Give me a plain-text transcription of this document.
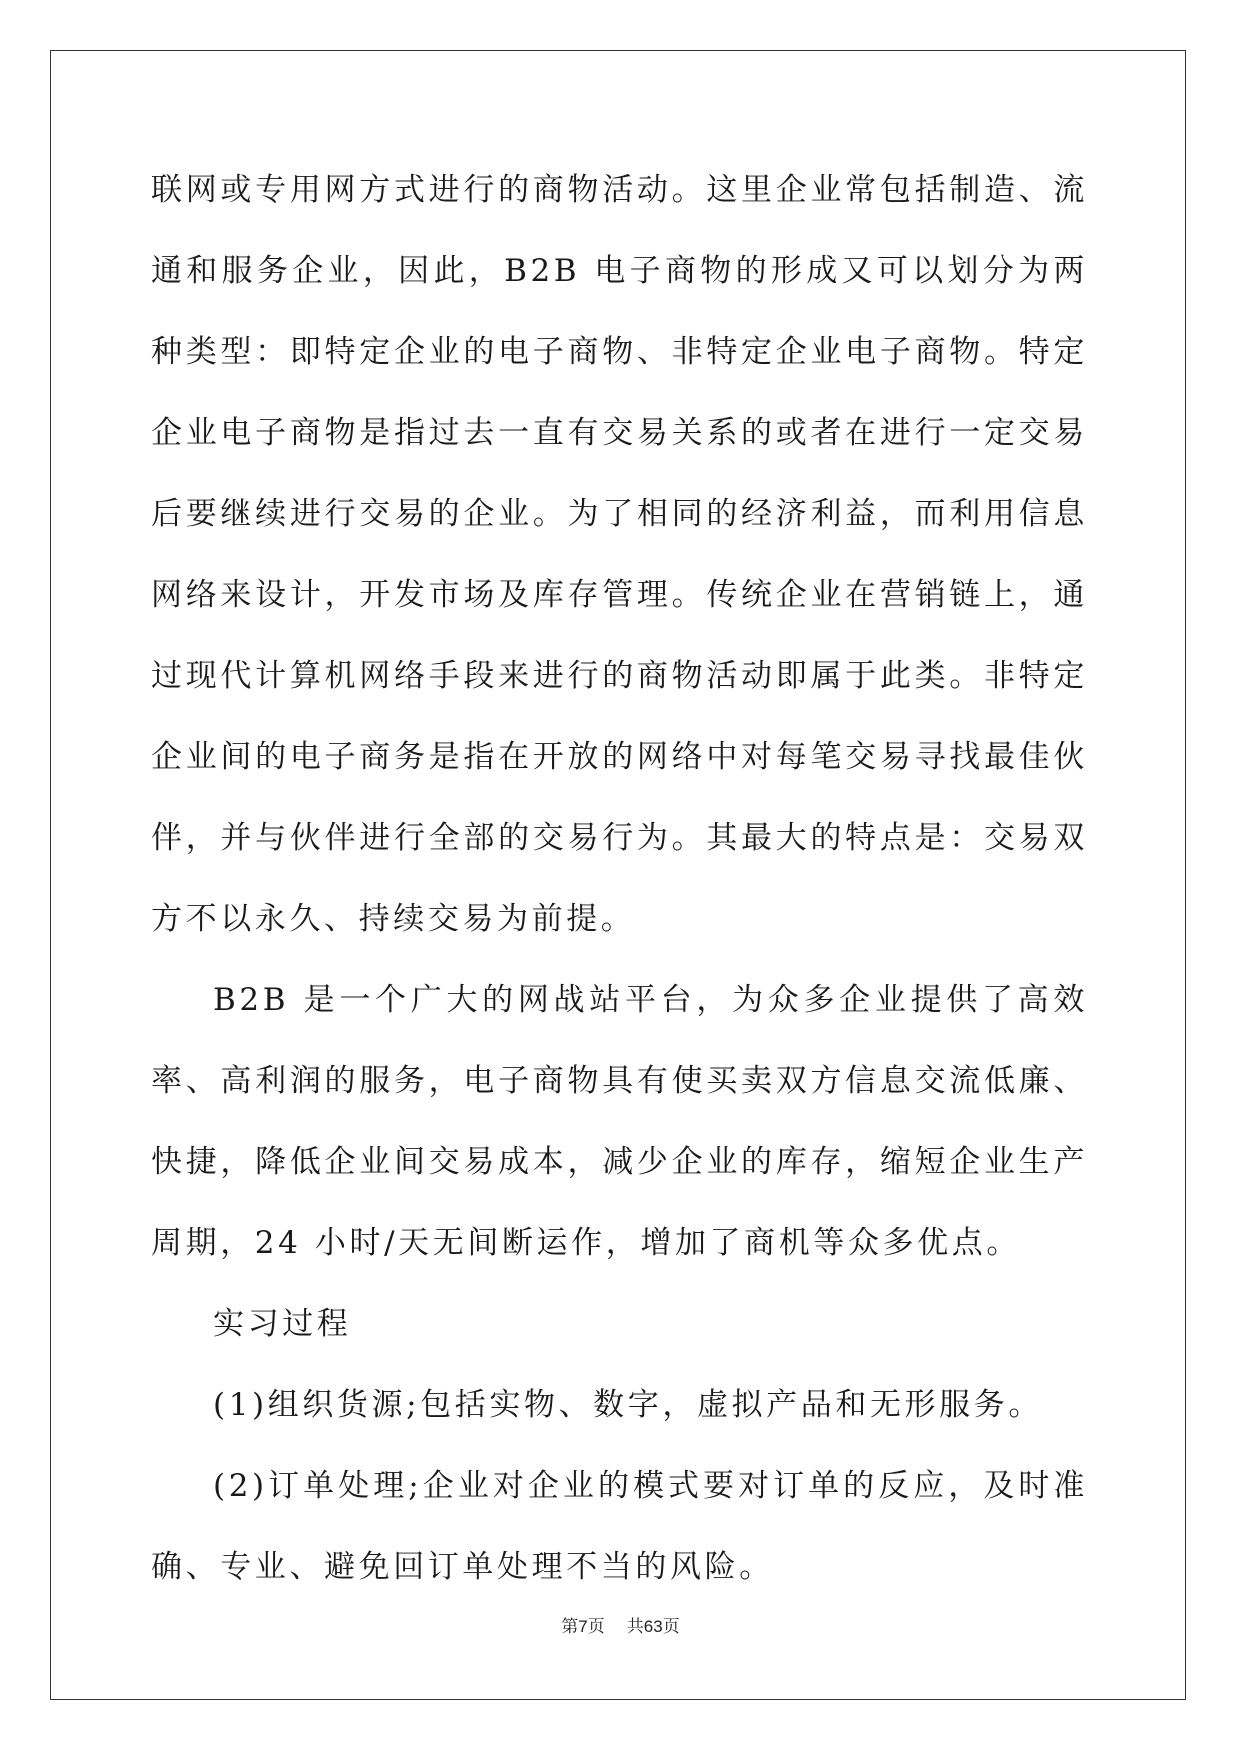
联网或专用网方式进行的商物活动。这里企业常包括制造、流通和服务企业，因此，B2B 电子商物的形成又可以划分为两种类型：即特定企业的电子商物、非特定企业电子商物。特定企业电子商物是指过去一直有交易关系的或者在进行一定交易后要继续进行交易的企业。为了相同的经济利益，而利用信息网络来设计，开发市场及库存管理。传统企业在营销链上，通过现代计算机网络手段来进行的商物活动即属于此类。非特定企业间的电子商务是指在开放的网络中对每笔交易寻找最佳伙伴，并与伙伴进行全部的交易行为。其最大的特点是：交易双方不以永久、持续交易为前提。

B2B 是一个广大的网战站平台，为众多企业提供了高效率、高利润的服务，电子商物具有使买卖双方信息交流低廉、快捷，降低企业间交易成本，减少企业的库存，缩短企业生产周期，24 小时/天无间断运作，增加了商机等众多优点。

实习过程

(1)组织货源;包括实物、数字，虚拟产品和无形服务。

(2)订单处理;企业对企业的模式要对订单的反应，及时准确、专业、避免回订单处理不当的风险。

第7页 共63页
